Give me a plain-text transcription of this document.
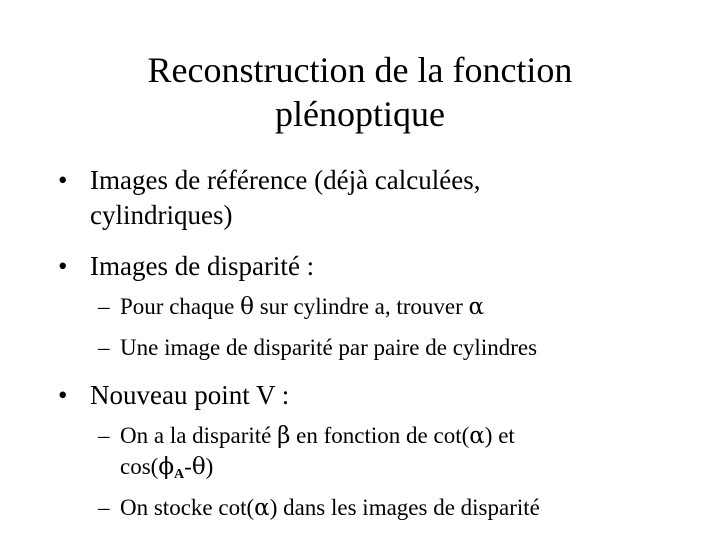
Reconstruction de la fonction
plénoptique
• Images de référence (déjà calculées,
cylindriques)
• Images de disparité :
– Pour chaque θ sur cylindre a, trouver α
– Une image de disparité par paire de cylindres
• Nouveau point V :
– On a la disparité β en fonction de cot(α) et
$\cos(\phi_A-\theta)$
– On stocke cot(α) dans les images de disparité
